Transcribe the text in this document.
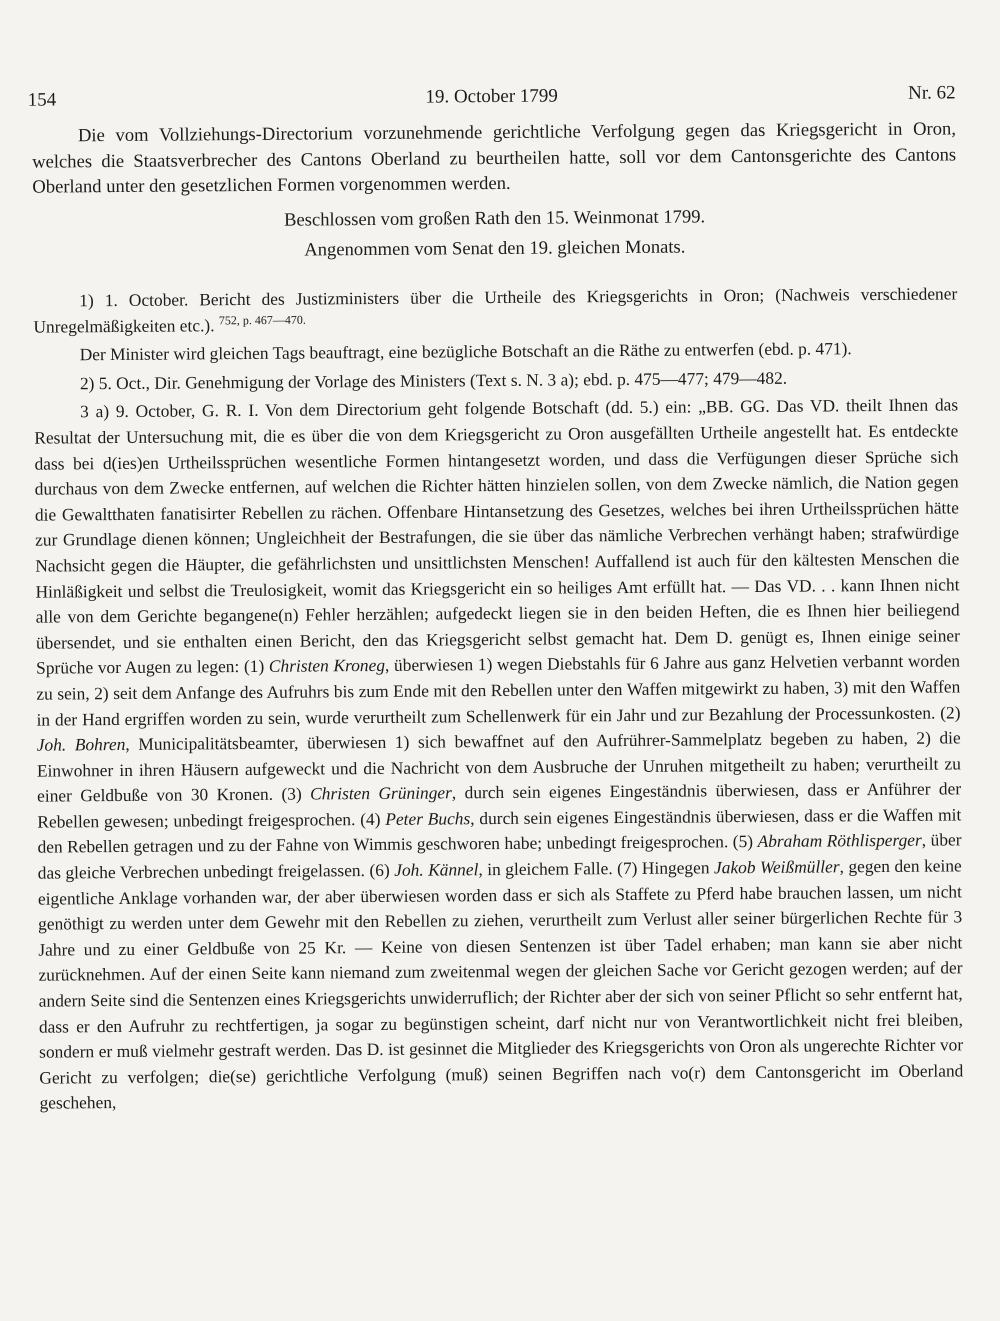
154	19. October 1799	Nr. 62

Die vom Vollziehungs-Directorium vorzunehmende gerichtliche Verfolgung gegen das Kriegsgericht in Oron, welches die Staatsverbrecher des Cantons Oberland zu beurtheilen hatte, soll vor dem Cantonsgerichte des Cantons Oberland unter den gesetzlichen Formen vorgenommen werden.

Beschlossen vom großen Rath den 15. Weinmonat 1799.

Angenommen vom Senat den 19. gleichen Monats.

1) 1. October. Bericht des Justizministers über die Urtheile des Kriegsgerichts in Oron; (Nachweis verschiedener Unregelmäßigkeiten etc.). $^{752, p. 467—470.}$

Der Minister wird gleichen Tags beauftragt, eine bezügliche Botschaft an die Räthe zu entwerfen (ebd. p. 471).

2) 5. Oct., Dir. Genehmigung der Vorlage des Ministers (Text s. N. 3 a); ebd. p. 475—477; 479—482.

3 a) 9. October, G. R. I. Von dem Directorium geht folgende Botschaft (dd. 5.) ein: „BB. GG. Das VD. theilt Ihnen das Resultat der Untersuchung mit, die es über die von dem Kriegsgericht zu Oron ausgefällten Urtheile angestellt hat. Es entdeckte dass bei d(ies)en Urtheilssprüchen wesentliche Formen hintangesetzt worden, und dass die Verfügungen dieser Sprüche sich durchaus von dem Zwecke entfernen, auf welchen die Richter hätten hinzielen sollen, von dem Zwecke nämlich, die Nation gegen die Gewaltthaten fanatisirter Rebellen zu rächen. Offenbare Hintansetzung des Gesetzes, welches bei ihren Urtheilssprüchen hätte zur Grundlage dienen können; Ungleichheit der Bestrafungen, die sie über das nämliche Verbrechen verhängt haben; strafwürdige Nachsicht gegen die Häupter, die gefährlichsten und unsittlichsten Menschen! Auffallend ist auch für den kältesten Menschen die Hinläßigkeit und selbst die Treulosigkeit, womit das Kriegsgericht ein so heiliges Amt erfüllt hat. — Das VD. . . kann Ihnen nicht alle von dem Gerichte begangene(n) Fehler herzählen; aufgedeckt liegen sie in den beiden Heften, die es Ihnen hier beiliegend übersendet, und sie enthalten einen Bericht, den das Kriegsgericht selbst gemacht hat. Dem D. genügt es, Ihnen einige seiner Sprüche vor Augen zu legen: (1) Christen Kroneg, überwiesen 1) wegen Diebstahls für 6 Jahre aus ganz Helvetien verbannt worden zu sein, 2) seit dem Anfange des Aufruhrs bis zum Ende mit den Rebellen unter den Waffen mitgewirkt zu haben, 3) mit den Waffen in der Hand ergriffen worden zu sein, wurde verurtheilt zum Schellenwerk für ein Jahr und zur Bezahlung der Processunkosten. (2) Joh. Bohren, Municipalitätsbeamter, überwiesen 1) sich bewaffnet auf den Aufrührer-Sammelplatz begeben zu haben, 2) die Einwohner in ihren Häusern aufgeweckt und die Nachricht von dem Ausbruche der Unruhen mitgetheilt zu haben; verurtheilt zu einer Geldbuße von 30 Kronen. (3) Christen Grüninger, durch sein eigenes Eingeständnis überwiesen, dass er Anführer der Rebellen gewesen; unbedingt freigesprochen. (4) Peter Buchs, durch sein eigenes Eingeständnis überwiesen, dass er die Waffen mit den Rebellen getragen und zu der Fahne von Wimmis geschworen habe; unbedingt freigesprochen. (5) Abraham Röthlisperger, über das gleiche Verbrechen unbedingt freigelassen. (6) Joh. Kännel, in gleichem Falle. (7) Hingegen Jakob Weißmüller, gegen den keine eigentliche Anklage vorhanden war, der aber überwiesen worden dass er sich als Staffete zu Pferd habe brauchen lassen, um nicht genöthigt zu werden unter dem Gewehr mit den Rebellen zu ziehen, verurtheilt zum Verlust aller seiner bürgerlichen Rechte für 3 Jahre und zu einer Geldbuße von 25 Kr. — Keine von diesen Sentenzen ist über Tadel erhaben; man kann sie aber nicht zurücknehmen. Auf der einen Seite kann niemand zum zweitenmal wegen der gleichen Sache vor Gericht gezogen werden; auf der andern Seite sind die Sentenzen eines Kriegsgerichts unwiderruflich; der Richter aber der sich von seiner Pflicht so sehr entfernt hat, dass er den Aufruhr zu rechtfertigen, ja sogar zu begünstigen scheint, darf nicht nur von Verantwortlichkeit nicht frei bleiben, sondern er muß vielmehr gestraft werden. Das D. ist gesinnet die Mitglieder des Kriegsgerichts von Oron als ungerechte Richter vor Gericht zu verfolgen; die(se) gerichtliche Verfolgung (muß) seinen Begriffen nach vo(r) dem Cantonsgericht im Oberland geschehen,
